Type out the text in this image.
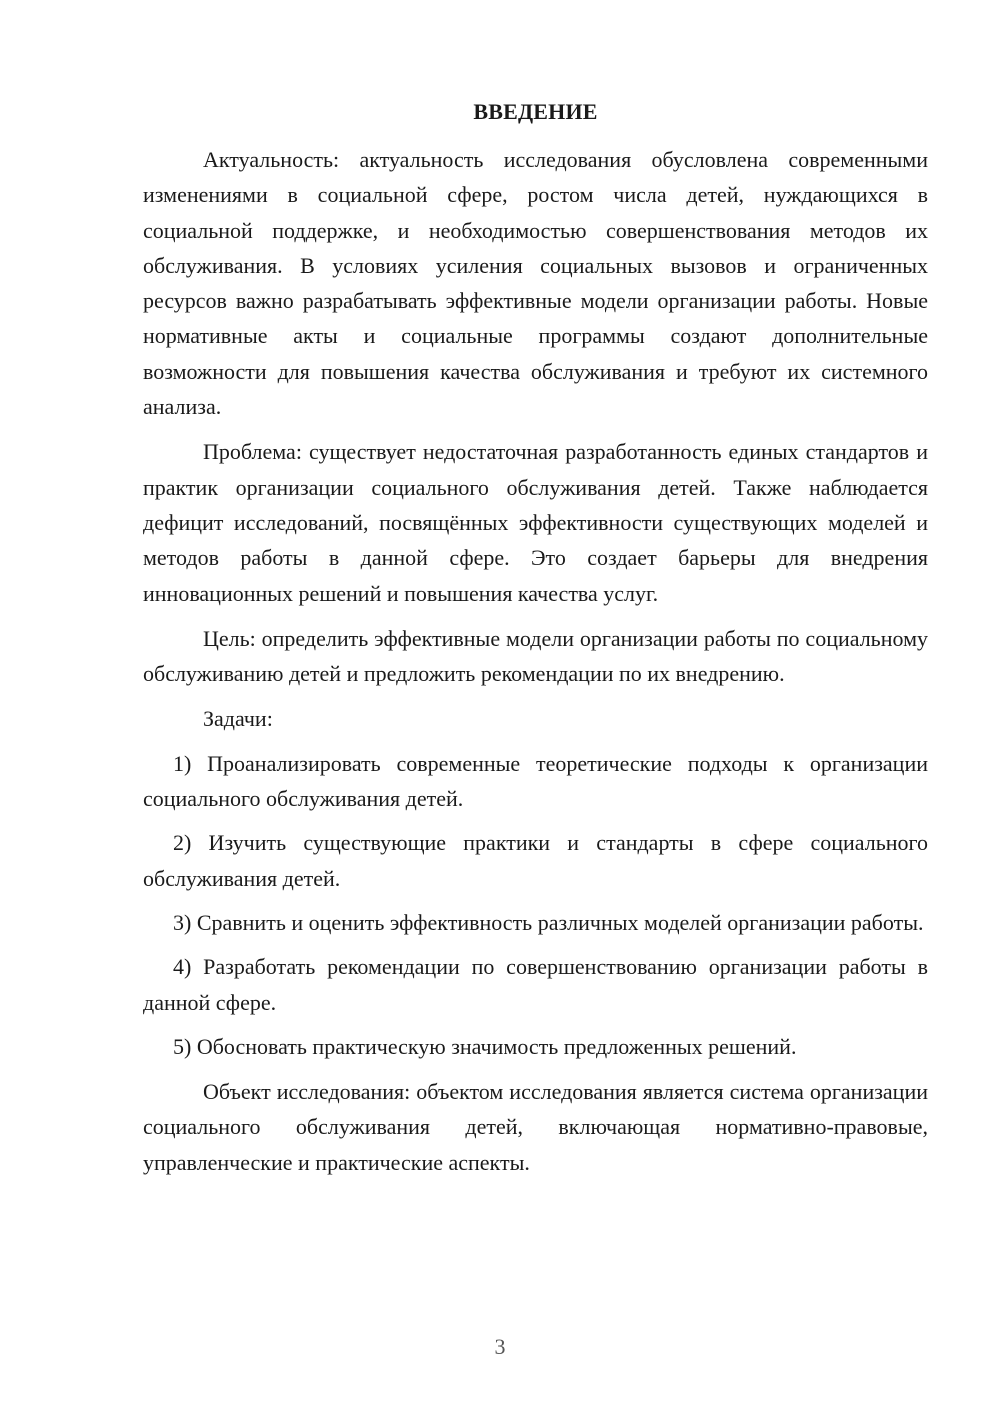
ВВЕДЕНИЕ

Актуальность: актуальность исследования обусловлена современными изменениями в социальной сфере, ростом числа детей, нуждающихся в социальной поддержке, и необходимостью совершенствования методов их обслуживания. В условиях усиления социальных вызовов и ограниченных ресурсов важно разрабатывать эффективные модели организации работы. Новые нормативные акты и социальные программы создают дополнительные возможности для повышения качества обслуживания и требуют их системного анализа.

Проблема: существует недостаточная разработанность единых стандартов и практик организации социального обслуживания детей. Также наблюдается дефицит исследований, посвящённых эффективности существующих моделей и методов работы в данной сфере. Это создает барьеры для внедрения инновационных решений и повышения качества услуг.

Цель: определить эффективные модели организации работы по социальному обслуживанию детей и предложить рекомендации по их внедрению.

Задачи:

1) Проанализировать современные теоретические подходы к организации социального обслуживания детей.

2) Изучить существующие практики и стандарты в сфере социального обслуживания детей.

3) Сравнить и оценить эффективность различных моделей организации работы.

4) Разработать рекомендации по совершенствованию организации работы в данной сфере.

5) Обосновать практическую значимость предложенных решений.

Объект исследования: объектом исследования является система организации социального обслуживания детей, включающая нормативно-правовые, управленческие и практические аспекты.

3
